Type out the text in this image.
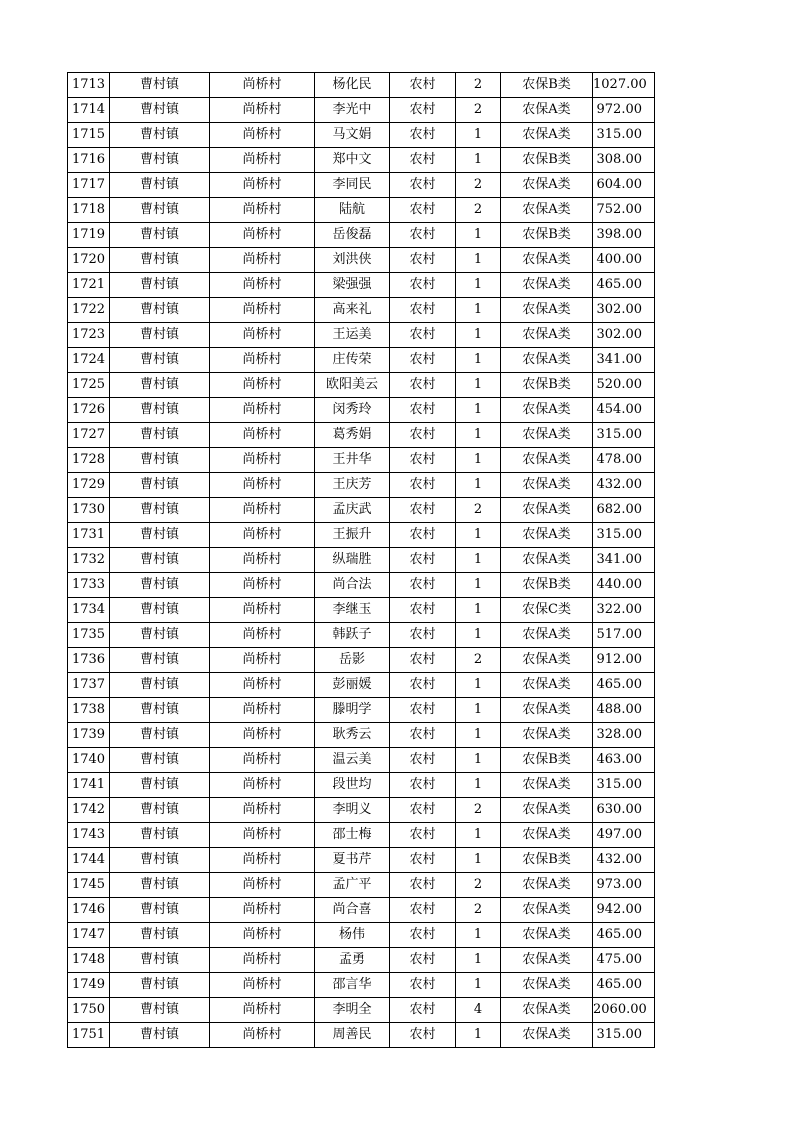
1713	曹村镇	尚桥村	杨化民	农村	2	农保B类	1027.00
1714	曹村镇	尚桥村	李光中	农村	2	农保A类	972.00
1715	曹村镇	尚桥村	马文娟	农村	1	农保A类	315.00
1716	曹村镇	尚桥村	郑中文	农村	1	农保B类	308.00
1717	曹村镇	尚桥村	李同民	农村	2	农保A类	604.00
1718	曹村镇	尚桥村	陆航	农村	2	农保A类	752.00
1719	曹村镇	尚桥村	岳俊磊	农村	1	农保B类	398.00
1720	曹村镇	尚桥村	刘洪侠	农村	1	农保A类	400.00
1721	曹村镇	尚桥村	梁强强	农村	1	农保A类	465.00
1722	曹村镇	尚桥村	高来礼	农村	1	农保A类	302.00
1723	曹村镇	尚桥村	王运美	农村	1	农保A类	302.00
1724	曹村镇	尚桥村	庄传荣	农村	1	农保A类	341.00
1725	曹村镇	尚桥村	欧阳美云	农村	1	农保B类	520.00
1726	曹村镇	尚桥村	闵秀玲	农村	1	农保A类	454.00
1727	曹村镇	尚桥村	葛秀娟	农村	1	农保A类	315.00
1728	曹村镇	尚桥村	王井华	农村	1	农保A类	478.00
1729	曹村镇	尚桥村	王庆芳	农村	1	农保A类	432.00
1730	曹村镇	尚桥村	孟庆武	农村	2	农保A类	682.00
1731	曹村镇	尚桥村	王振升	农村	1	农保A类	315.00
1732	曹村镇	尚桥村	纵瑞胜	农村	1	农保A类	341.00
1733	曹村镇	尚桥村	尚合法	农村	1	农保B类	440.00
1734	曹村镇	尚桥村	李继玉	农村	1	农保C类	322.00
1735	曹村镇	尚桥村	韩跃子	农村	1	农保A类	517.00
1736	曹村镇	尚桥村	岳影	农村	2	农保A类	912.00
1737	曹村镇	尚桥村	彭丽媛	农村	1	农保A类	465.00
1738	曹村镇	尚桥村	滕明学	农村	1	农保A类	488.00
1739	曹村镇	尚桥村	耿秀云	农村	1	农保A类	328.00
1740	曹村镇	尚桥村	温云美	农村	1	农保B类	463.00
1741	曹村镇	尚桥村	段世均	农村	1	农保A类	315.00
1742	曹村镇	尚桥村	李明义	农村	2	农保A类	630.00
1743	曹村镇	尚桥村	邵士梅	农村	1	农保A类	497.00
1744	曹村镇	尚桥村	夏书芹	农村	1	农保B类	432.00
1745	曹村镇	尚桥村	孟广平	农村	2	农保A类	973.00
1746	曹村镇	尚桥村	尚合喜	农村	2	农保A类	942.00
1747	曹村镇	尚桥村	杨伟	农村	1	农保A类	465.00
1748	曹村镇	尚桥村	孟勇	农村	1	农保A类	475.00
1749	曹村镇	尚桥村	邵言华	农村	1	农保A类	465.00
1750	曹村镇	尚桥村	李明全	农村	4	农保A类	2060.00
1751	曹村镇	尚桥村	周善民	农村	1	农保A类	315.00
